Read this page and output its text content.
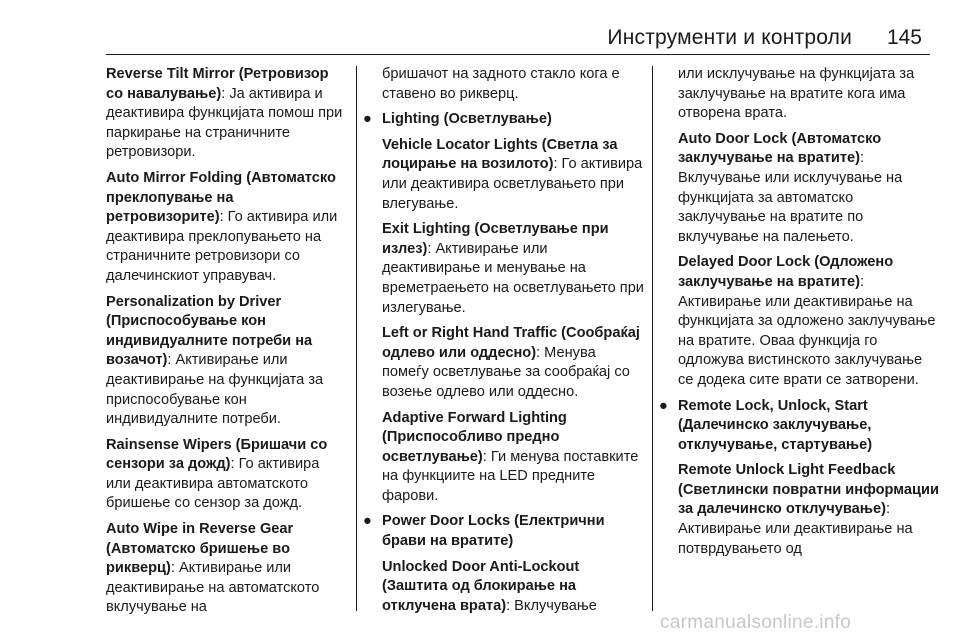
Инструменти и контроли 145

Reverse Tilt Mirror (Ретровизор со навалување): Ја активира и деактивира функцијата помош при паркирање на страничните ретровизори.

Auto Mirror Folding (Автоматско преклопување на ретровизорите): Го активира или деактивира преклопувањето на страничните ретровизори со далечинскиот управувач.

Personalization by Driver (Приспособување кон индивидуалните потреби на возачот): Активирање или деактивирање на функцијата за приспособување кон индивидуалните потреби.

Rainsense Wipers (Бришачи со сензори за дожд): Го активира или деактивира автоматското бришење со сензор за дожд.

Auto Wipe in Reverse Gear (Автоматско бришење во рикверц): Активирање или деактивирање на автоматското вклучување на

бришачот на задното стакло кога е ставено во рикверц.

● Lighting (Осветлување)

Vehicle Locator Lights (Светла за лоцирање на возилото): Го активира или деактивира осветлувањето при влегување.

Exit Lighting (Осветлување при излез): Активирање или деактивирање и менување на времетраењето на осветлувањето при излегување.

Left or Right Hand Traffic (Сообраќај одлево или оддесно): Менува помеѓу осветлување за сообраќај со возење одлево или оддесно.

Adaptive Forward Lighting (Приспособливо предно осветлување): Ги менува поставките на функциите на LED предните фарови.

● Power Door Locks (Електрични брави на вратите)

Unlocked Door Anti-Lockout (Заштита од блокирање на отклучена врата): Вклучување

или исклучување на функцијата за заклучување на вратите кога има отворена врата.

Auto Door Lock (Автоматско заклучување на вратите): Вклучување или исклучување на функцијата за автоматско заклучување на вратите по вклучување на палењето.

Delayed Door Lock (Одложено заклучување на вратите): Активирање или деактивирање на функцијата за одложено заклучување на вратите. Оваа функција го одложува вистинското заклучување се додека сите врати се затворени.

● Remote Lock, Unlock, Start (Далечинско заклучување, отклучување, стартување)

Remote Unlock Light Feedback (Светлински повратни информации за далечинско отклучување): Активирање или деактивирање на потврдувањето од

carmanualsonline.info
